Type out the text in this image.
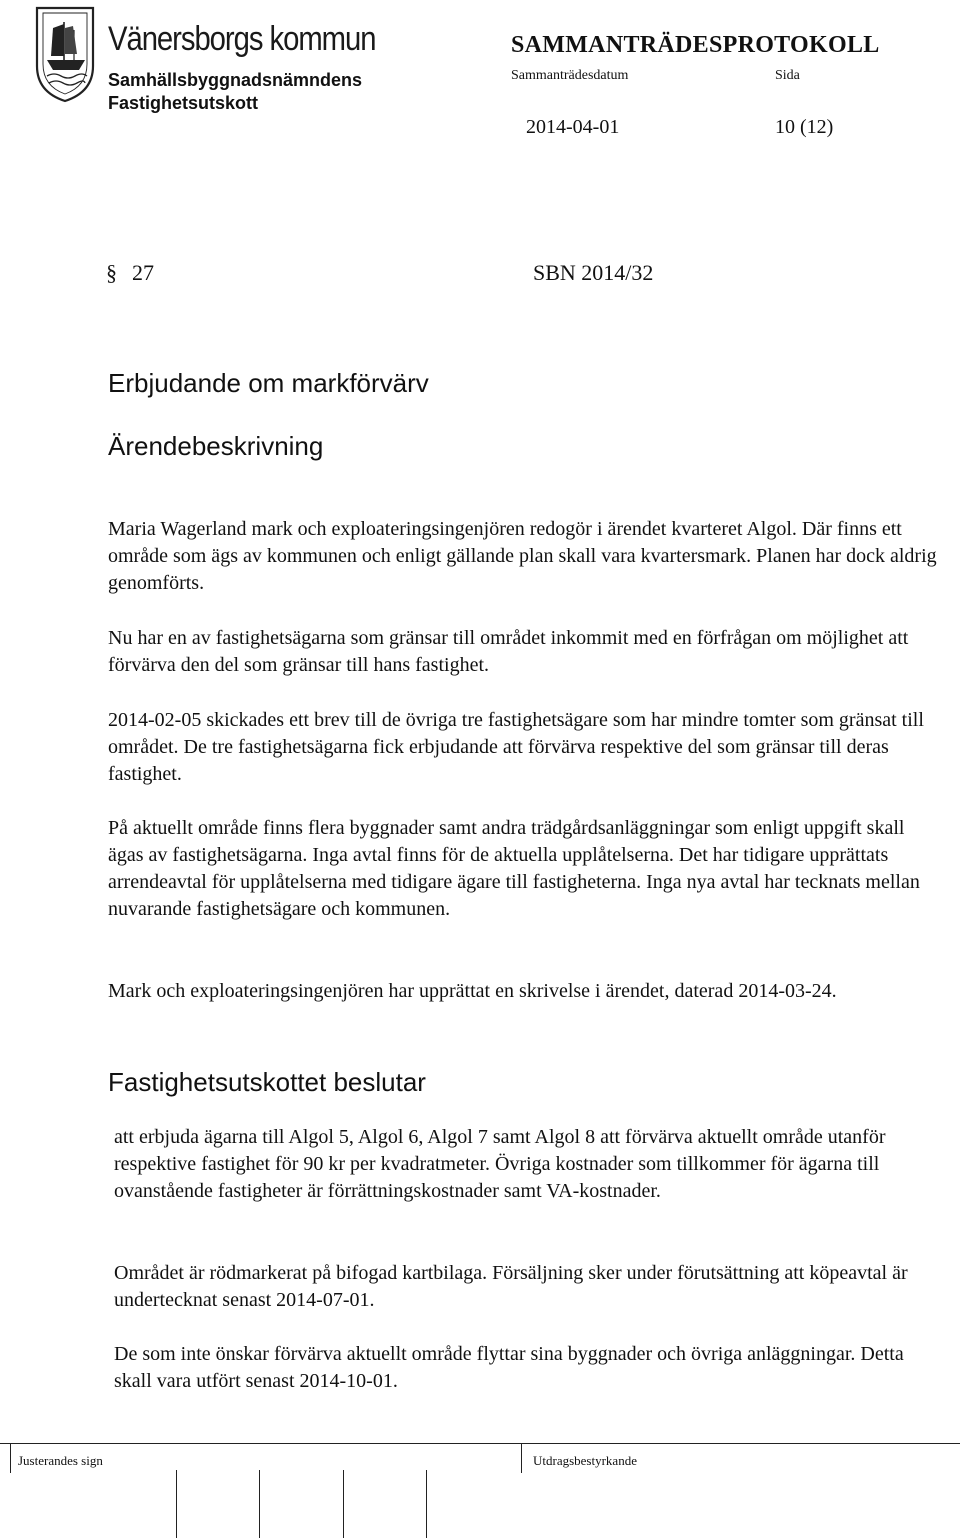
Vänersborgs kommun
Samhällsbyggnadsnämndens
Fastighetsutskott
SAMMANTRÄDESPROTOKOLL
Sammanträdesdatum	Sida
2014-04-01	10 (12)
§ 27	SBN 2014/32
Erbjudande om markförvärv
Ärendebeskrivning
Maria Wagerland mark och exploateringsingenjören redogör i ärendet kvarteret Algol. Där finns ett område som ägs av kommunen och enligt gällande plan skall vara kvartersmark. Planen har dock aldrig genomförts.
Nu har en av fastighetsägarna som gränsar till området inkommit med en förfrågan om möjlighet att förvärva den del som gränsar till hans fastighet.
2014-02-05 skickades ett brev till de övriga tre fastighetsägare som har mindre tomter som gränsat till området. De tre fastighetsägarna fick erbjudande att förvärva respektive del som gränsar till deras fastighet.
På aktuellt område finns flera byggnader samt andra trädgårdsanläggningar som enligt uppgift skall ägas av fastighetsägarna. Inga avtal finns för de aktuella upplåtelserna. Det har tidigare upprättats arrendeavtal för upplåtelserna med tidigare ägare till fastigheterna. Inga nya avtal har tecknats mellan nuvarande fastighetsägare och kommunen.
Mark och exploateringsingenjören har upprättat en skrivelse i ärendet, daterad 2014-03-24.
Fastighetsutskottet beslutar
att erbjuda ägarna till Algol 5, Algol 6, Algol 7 samt Algol 8 att förvärva aktuellt område utanför respektive fastighet för 90 kr per kvadratmeter. Övriga kostnader som tillkommer för ägarna till ovanstående fastigheter är förrättningskostnader samt VA-kostnader.
Området är rödmarkerat på bifogad kartbilaga. Försäljning sker under förutsättning att köpeavtal är undertecknat senast 2014-07-01.
De som inte önskar förvärva aktuellt område flyttar sina byggnader och övriga anläggningar. Detta skall vara utfört senast 2014-10-01.
Justerandes sign	Utdragsbestyrkande
